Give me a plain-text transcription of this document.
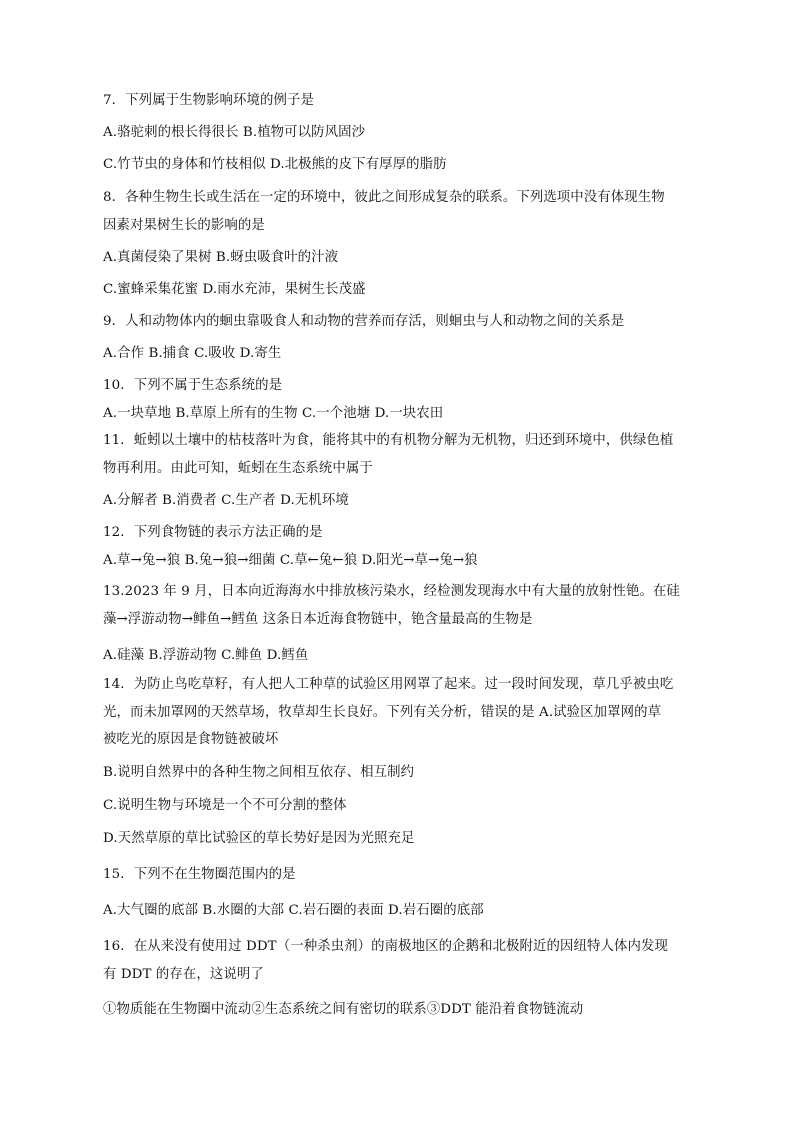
7．下列属于生物影响环境的例子是
A.骆驼刺的根长得很长 B.植物可以防风固沙
C.竹节虫的身体和竹枝相似 D.北极熊的皮下有厚厚的脂肪
8．各种生物生长或生活在一定的环境中，彼此之间形成复杂的联系。下列选项中没有体现生物
因素对果树生长的影响的是
A.真菌侵染了果树 B.蚜虫吸食叶的汁液
C.蜜蜂采集花蜜 D.雨水充沛，果树生长茂盛
9．人和动物体内的蛔虫靠吸食人和动物的营养而存活，则蛔虫与人和动物之间的关系是
A.合作 B.捕食 C.吸收 D.寄生
10．下列不属于生态系统的是
A.一块草地 B.草原上所有的生物 C.一个池塘 D.一块农田
11．蚯蚓以土壤中的枯枝落叶为食，能将其中的有机物分解为无机物，归还到环境中，供绿色植
物再利用。由此可知，蚯蚓在生态系统中属于
A.分解者 B.消费者 C.生产者 D.无机环境
12．下列食物链的表示方法正确的是
A.草→兔→狼 B.兔→狼→细菌 C.草←兔←狼 D.阳光→草→兔→狼
13.2023 年 9 月，日本向近海海水中排放核污染水，经检测发现海水中有大量的放射性铯。在硅
藻→浮游动物→鲱鱼→鳕鱼 这条日本近海食物链中，铯含量最高的生物是
A.硅藻 B.浮游动物 C.鲱鱼 D.鳕鱼
14．为防止鸟吃草籽，有人把人工种草的试验区用网罩了起来。过一段时间发现，草几乎被虫吃
光，而未加罩网的天然草场，牧草却生长良好。下列有关分析，错误的是 A.试验区加罩网的草
被吃光的原因是食物链被破坏
B.说明自然界中的各种生物之间相互依存、相互制约
C.说明生物与环境是一个不可分割的整体
D.天然草原的草比试验区的草长势好是因为光照充足
15．下列不在生物圈范围内的是
A.大气圈的底部 B.水圈的大部 C.岩石圈的表面 D.岩石圈的底部
16．在从来没有使用过 DDT（一种杀虫剂）的南极地区的企鹅和北极附近的因纽特人体内发现
有 DDT 的存在，这说明了
①物质能在生物圈中流动②生态系统之间有密切的联系③DDT 能沿着食物链流动
